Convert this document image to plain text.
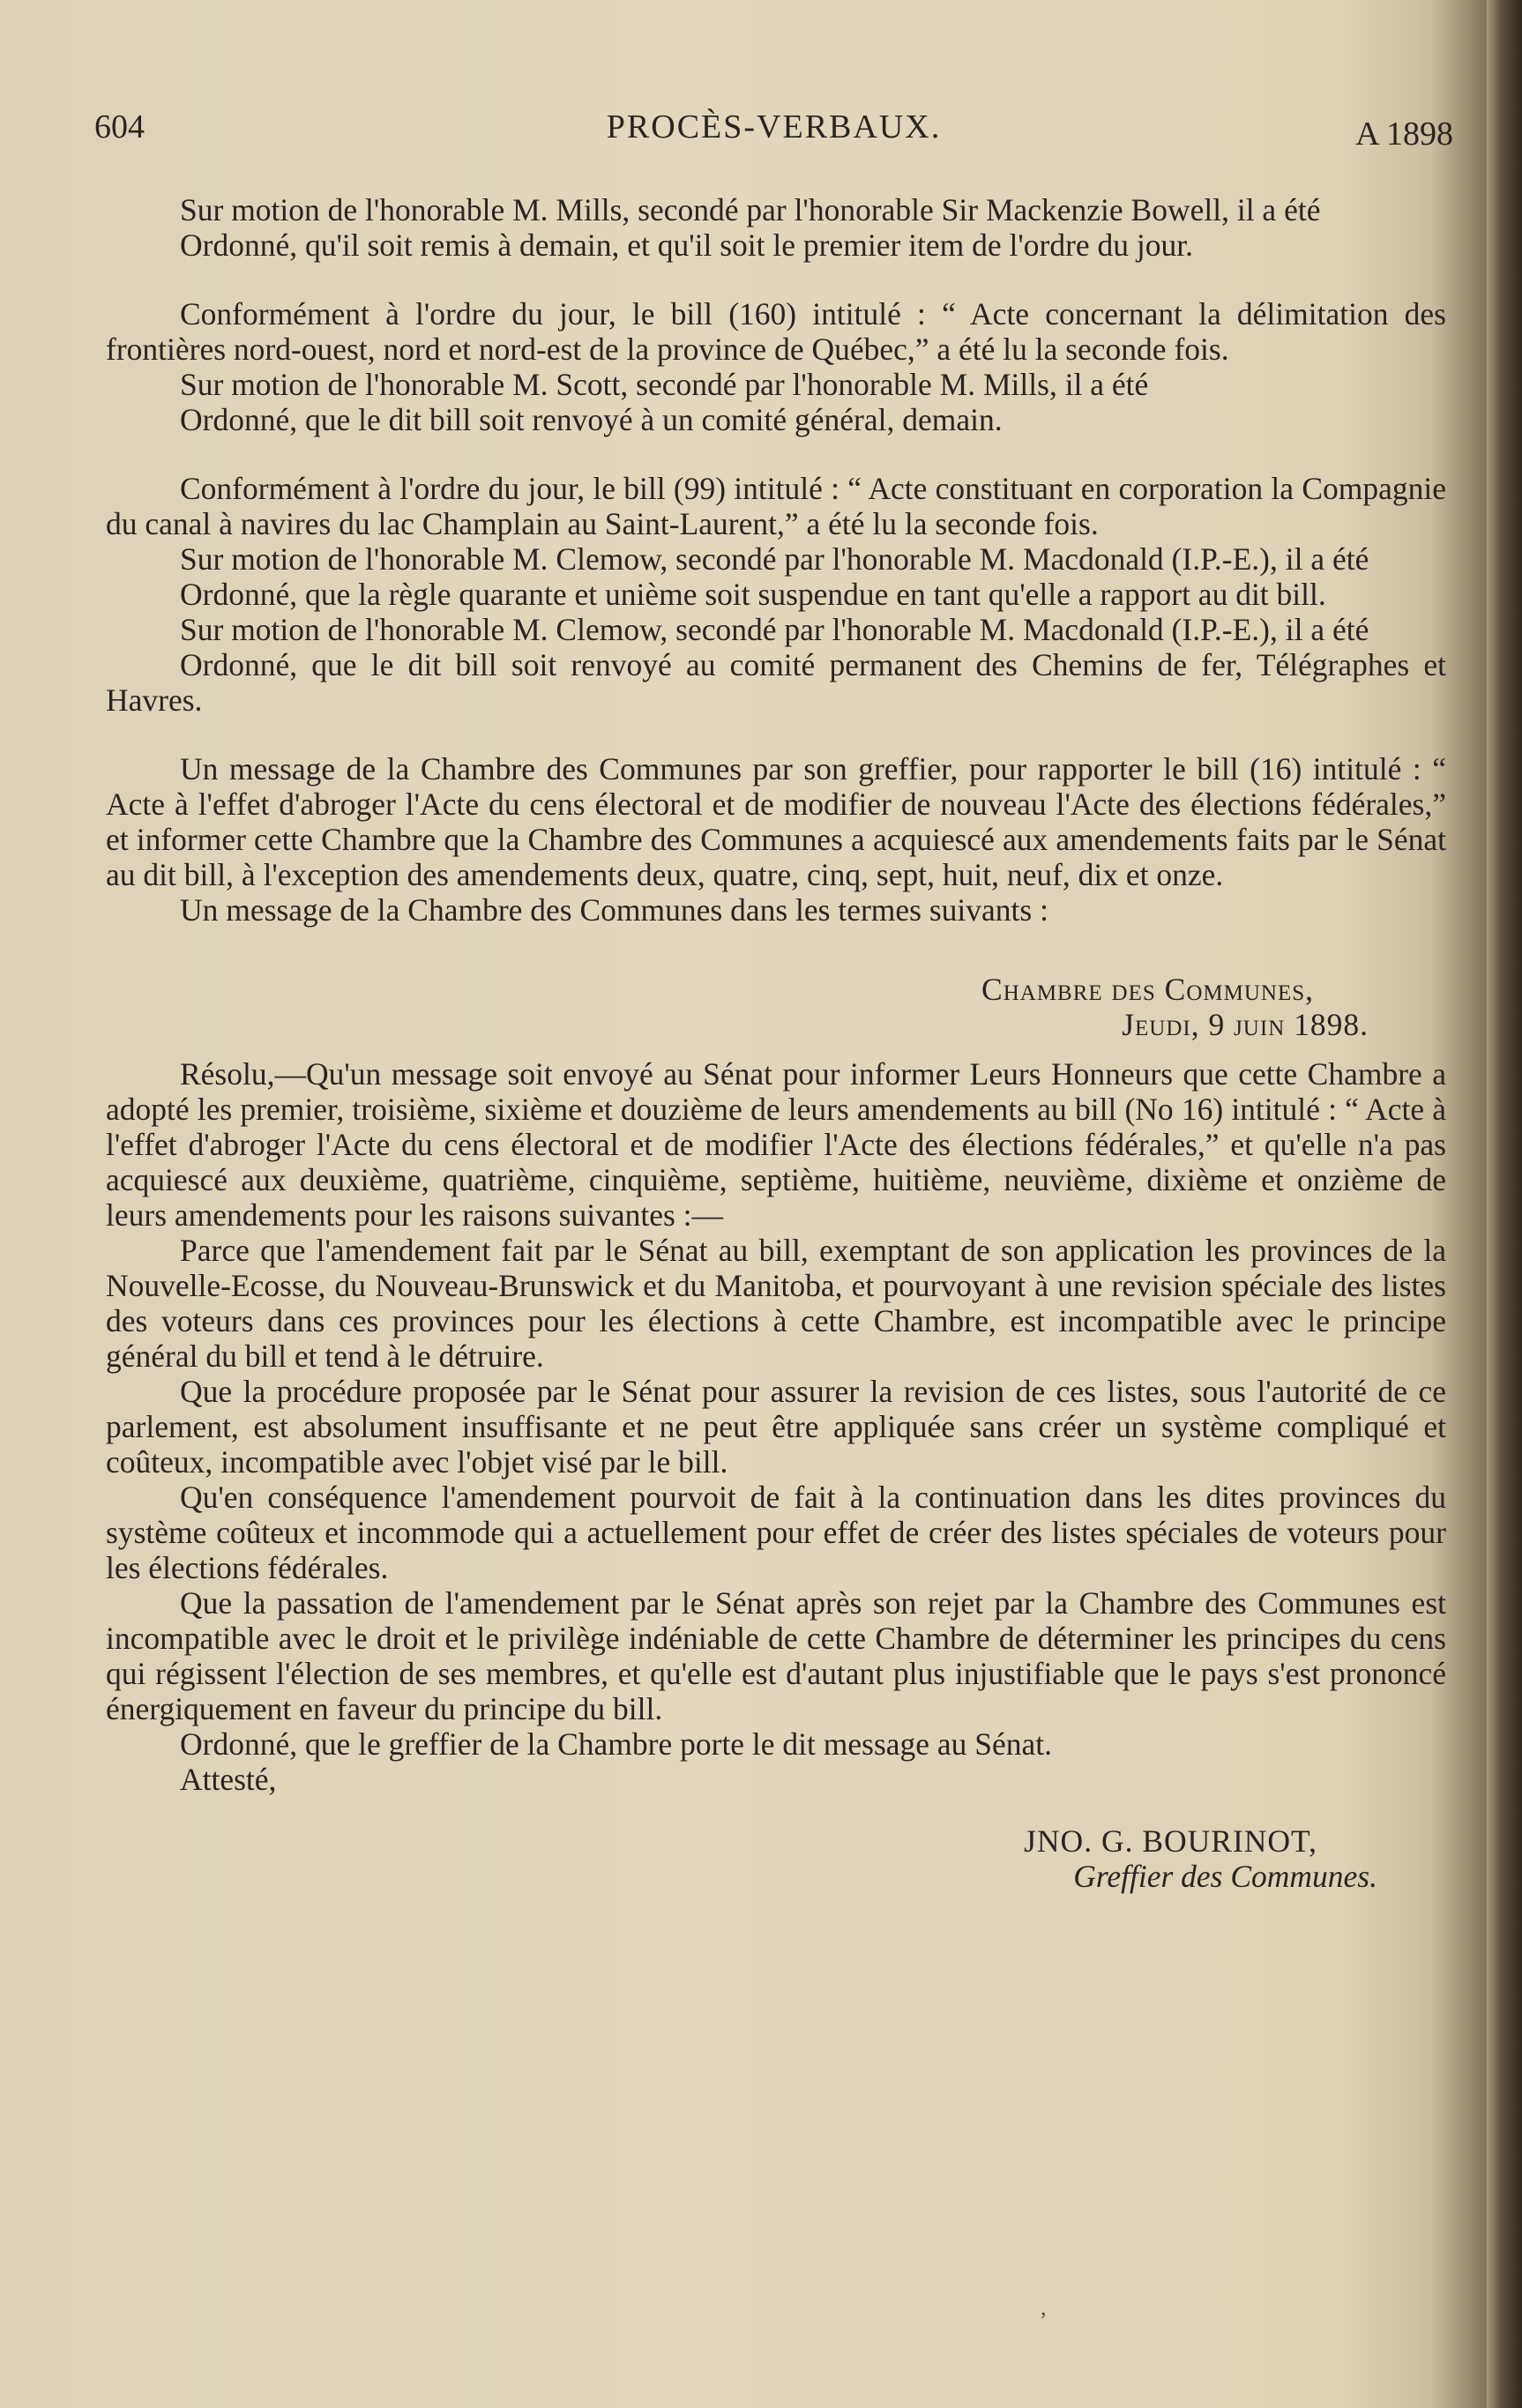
604	PROCÈS-VERBAUX.	A 1898

Sur motion de l'honorable M. Mills, secondé par l'honorable Sir Mackenzie Bowell, il a été

Ordonné, qu'il soit remis à demain, et qu'il soit le premier item de l'ordre du jour.

Conformément à l'ordre du jour, le bill (160) intitulé : “ Acte concernant la délimitation des frontières nord-ouest, nord et nord-est de la province de Québec,” a été lu la seconde fois.

Sur motion de l'honorable M. Scott, secondé par l'honorable M. Mills, il a été

Ordonné, que le dit bill soit renvoyé à un comité général, demain.

Conformément à l'ordre du jour, le bill (99) intitulé : “ Acte constituant en corporation la Compagnie du canal à navires du lac Champlain au Saint-Laurent,” a été lu la seconde fois.

Sur motion de l'honorable M. Clemow, secondé par l'honorable M. Macdonald (I.P.-E.), il a été

Ordonné, que la règle quarante et unième soit suspendue en tant qu'elle a rapport au dit bill.

Sur motion de l'honorable M. Clemow, secondé par l'honorable M. Macdonald (I.P.-E.), il a été

Ordonné, que le dit bill soit renvoyé au comité permanent des Chemins de fer, Télégraphes et Havres.

Un message de la Chambre des Communes par son greffier, pour rapporter le bill (16) intitulé : “ Acte à l'effet d'abroger l'Acte du cens électoral et de modifier de nouveau l'Acte des élections fédérales,” et informer cette Chambre que la Chambre des Communes a acquiescé aux amendements faits par le Sénat au dit bill, à l'exception des amendements deux, quatre, cinq, sept, huit, neuf, dix et onze.

Un message de la Chambre des Communes dans les termes suivants :

Chambre des Communes,
Jeudi, 9 juin 1898.

Résolu,—Qu'un message soit envoyé au Sénat pour informer Leurs Honneurs que cette Chambre a adopté les premier, troisième, sixième et douzième de leurs amendements au bill (No 16) intitulé : “ Acte à l'effet d'abroger l'Acte du cens électoral et de modifier l'Acte des élections fédérales,” et qu'elle n'a pas acquiescé aux deuxième, quatrième, cinquième, septième, huitième, neuvième, dixième et onzième de leurs amendements pour les raisons suivantes :—

Parce que l'amendement fait par le Sénat au bill, exemptant de son application les provinces de la Nouvelle-Ecosse, du Nouveau-Brunswick et du Manitoba, et pourvoyant à une revision spéciale des listes des voteurs dans ces provinces pour les élections à cette Chambre, est incompatible avec le principe général du bill et tend à le détruire.

Que la procédure proposée par le Sénat pour assurer la revision de ces listes, sous l'autorité de ce parlement, est absolument insuffisante et ne peut être appliquée sans créer un système compliqué et coûteux, incompatible avec l'objet visé par le bill.

Qu'en conséquence l'amendement pourvoit de fait à la continuation dans les dites provinces du système coûteux et incommode qui a actuellement pour effet de créer des listes spéciales de voteurs pour les élections fédérales.

Que la passation de l'amendement par le Sénat après son rejet par la Chambre des Communes est incompatible avec le droit et le privilège indéniable de cette Chambre de déterminer les principes du cens qui régissent l'élection de ses membres, et qu'elle est d'autant plus injustifiable que le pays s'est prononcé énergiquement en faveur du principe du bill.

Ordonné, que le greffier de la Chambre porte le dit message au Sénat.

Attesté,

JNO. G. BOURINOT,
Greffier des Communes.
,
